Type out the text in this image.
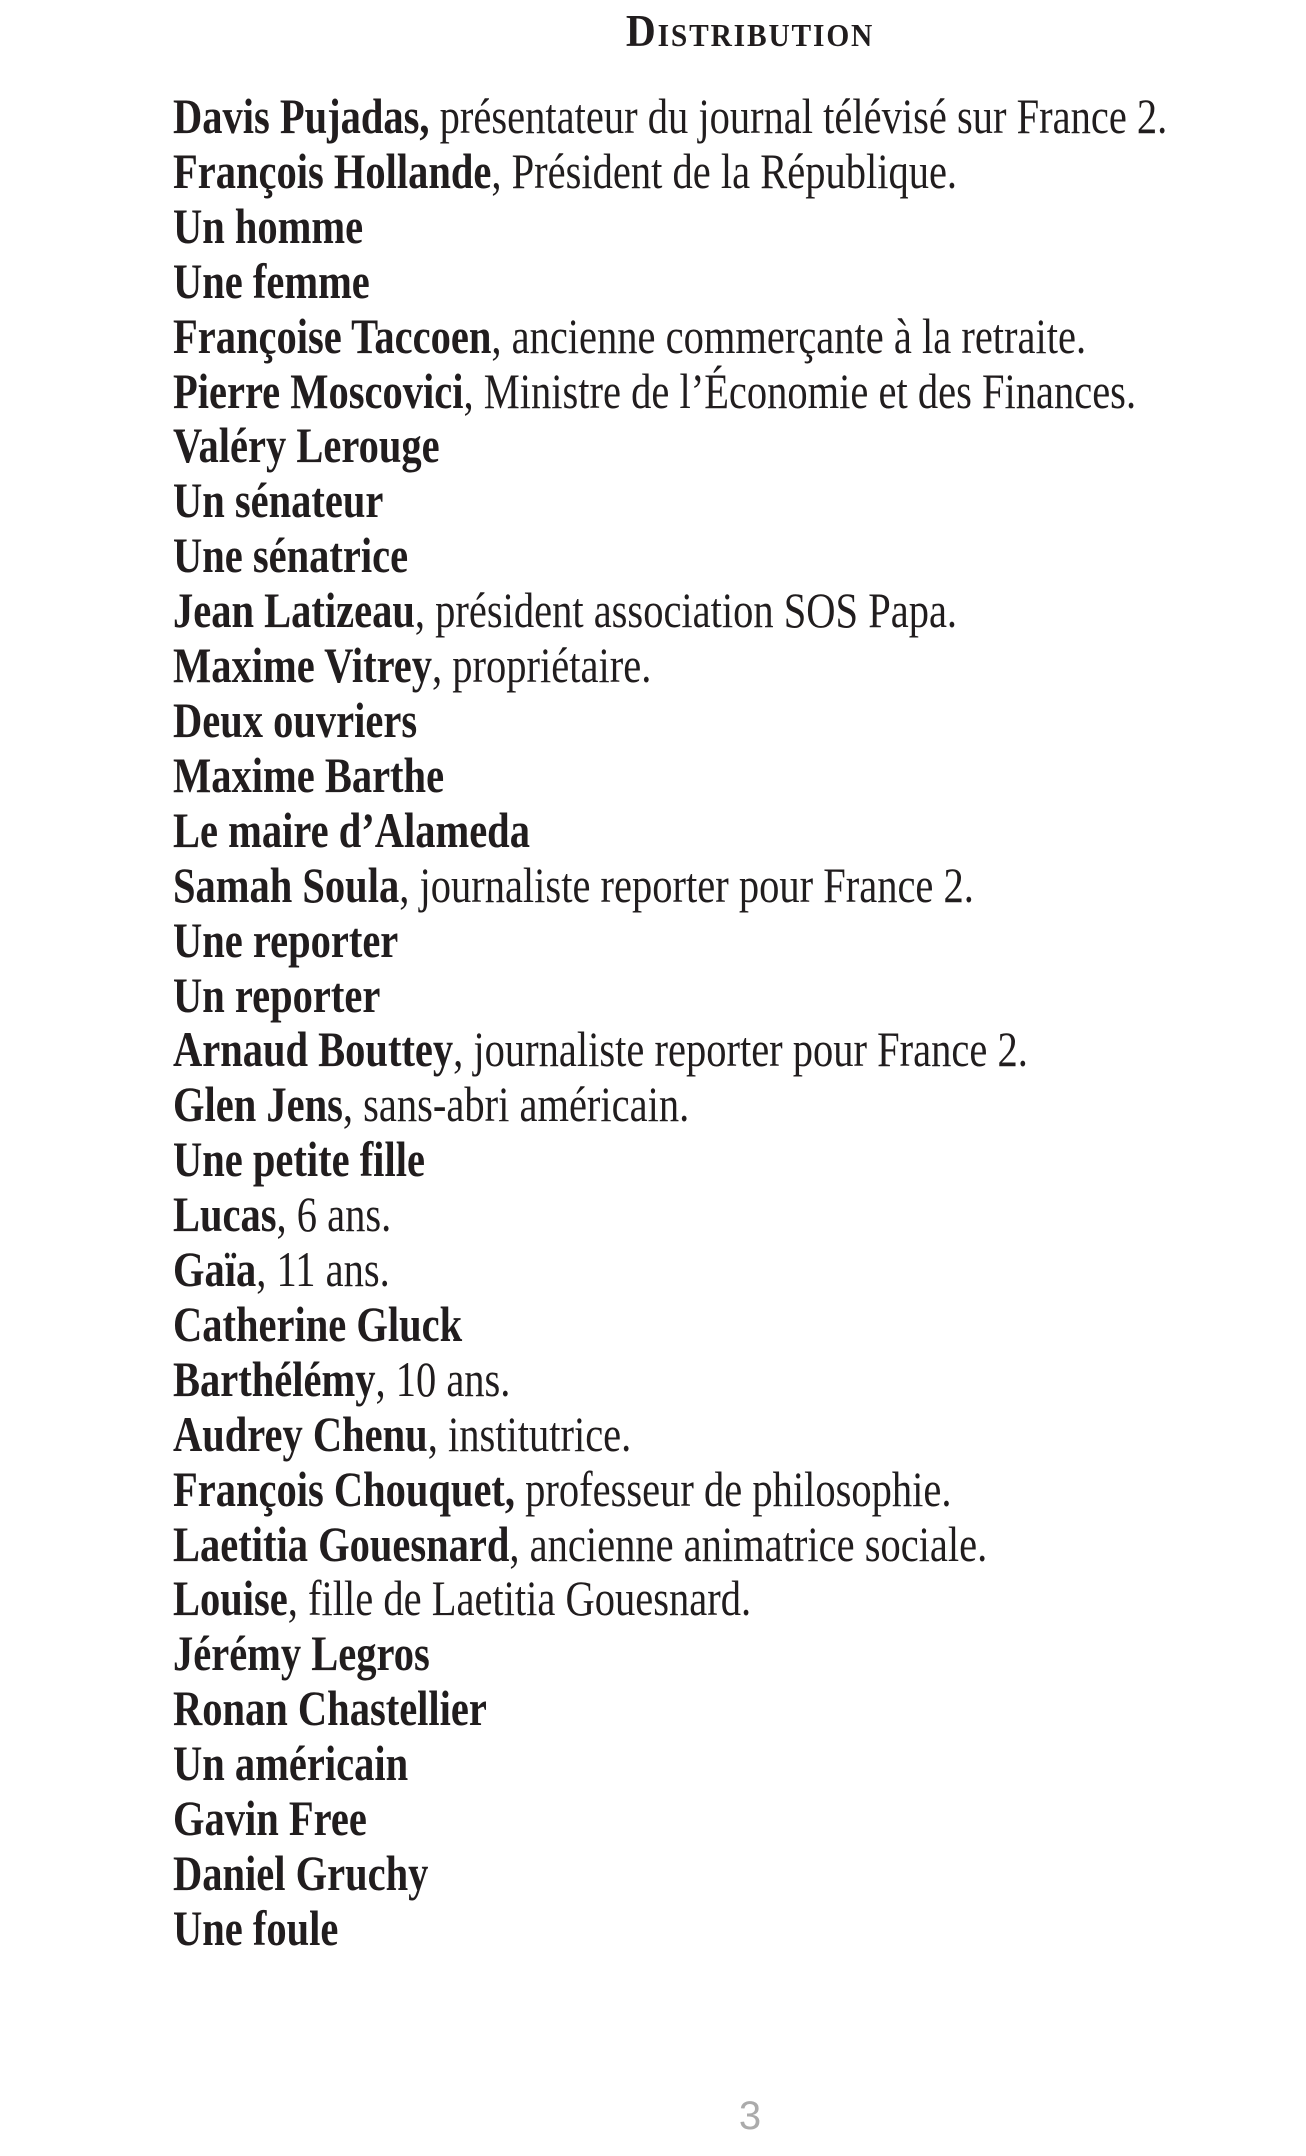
Distribution
Davis Pujadas, présentateur du journal télévisé sur France 2.
François Hollande, Président de la République.
Un homme
Une femme
Françoise Taccoen, ancienne commerçante à la retraite.
Pierre Moscovici, Ministre de l’Économie et des Finances.
Valéry Lerouge
Un sénateur
Une sénatrice
Jean Latizeau, président association SOS Papa.
Maxime Vitrey, propriétaire.
Deux ouvriers
Maxime Barthe
Le maire d’Alameda
Samah Soula, journaliste reporter pour France 2.
Une reporter
Un reporter
Arnaud Bouttey, journaliste reporter pour France 2.
Glen Jens, sans-abri américain.
Une petite fille
Lucas, 6 ans.
Gaïa, 11 ans.
Catherine Gluck
Barthélémy, 10 ans.
Audrey Chenu, institutrice.
François Chouquet, professeur de philosophie.
Laetitia Gouesnard, ancienne animatrice sociale.
Louise, fille de Laetitia Gouesnard.
Jérémy Legros
Ronan Chastellier
Un américain
Gavin Free
Daniel Gruchy
Une foule
3
